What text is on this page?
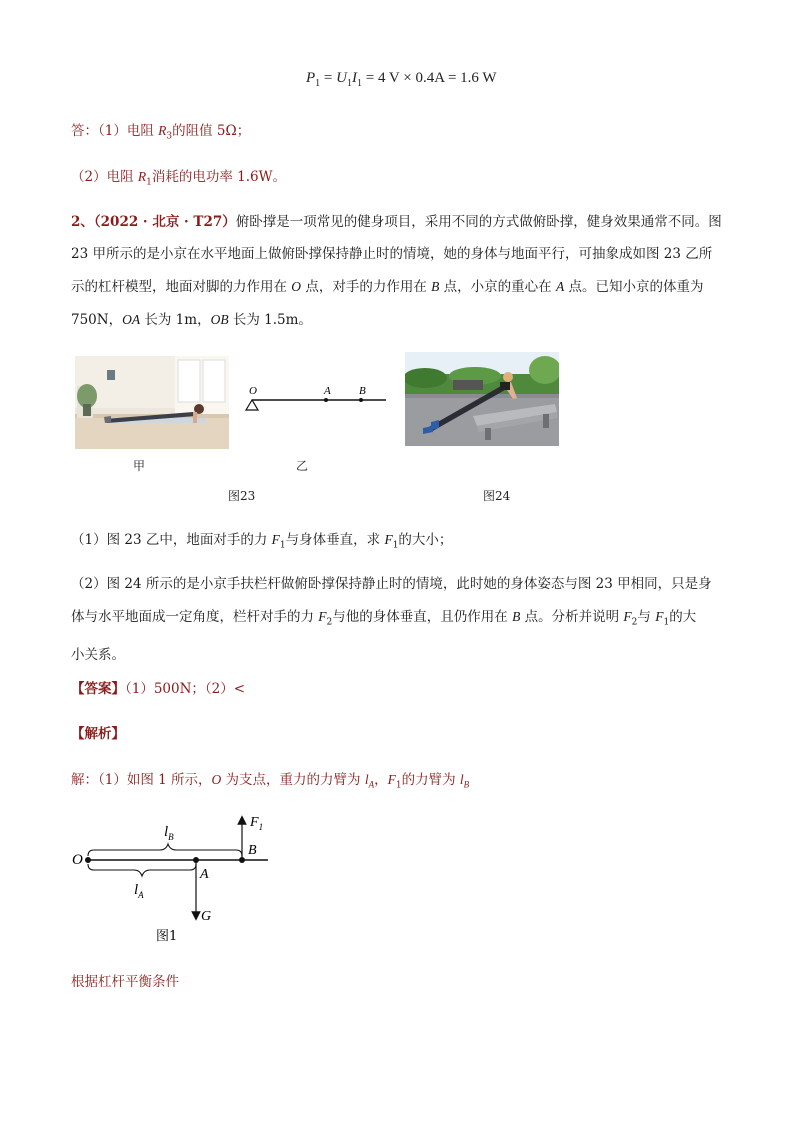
$P_1 = U_1I_1 = 4$ V × 0.4A = 1.6 W
答：（1）电阻 $R_3$的阻值 5Ω；
（2）电阻 $R_1$消耗的电功率 1.6W。
2、（2022 · 北京 · T27）俯卧撑是一项常见的健身项目，采用不同的方式做俯卧撑，健身效果通常不同。图
23 甲所示的是小京在水平地面上做俯卧撑保持静止时的情境，她的身体与地面平行，可抽象成如图 23 乙所
示的杠杆模型，地面对脚的力作用在 O 点，对手的力作用在 B 点，小京的重心在 A 点。已知小京的体重为
750N，OA 长为 1m，OB 长为 1.5m。
甲
O	A	B
乙
图23	图24
（1）图 23 乙中，地面对手的力 $F_1$与身体垂直，求 $F_1$的大小；
（2）图 24 所示的是小京手扶栏杆做俯卧撑保持静止时的情境，此时她的身体姿态与图 23 甲相同，只是身
体与水平地面成一定角度，栏杆对手的力 $F_2$与他的身体垂直，且仍作用在 B 点。分析并说明 $F_2$与 $F_1$的大
小关系。
【答案】（1）500N；（2）<
【解析】
解：（1）如图 1 所示，O 为支点，重力的力臂为 $l_A$，$F_1$的力臂为 $l_B$
$l_B$
O
A
B
$F_1$
G
$l_A$
图1
根据杠杆平衡条件
